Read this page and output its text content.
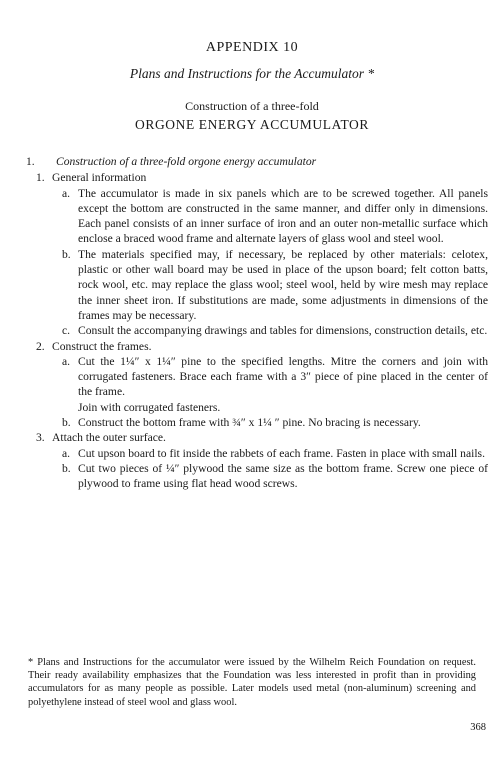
APPENDIX 10
Plans and Instructions for the Accumulator *
Construction of a three-fold
ORGONE ENERGY ACCUMULATOR
1.	Construction of a three-fold orgone energy accumulator
1. General information
a. The accumulator is made in six panels which are to be screwed together. All panels except the bottom are constructed in the same manner, and differ only in dimensions. Each panel consists of an inner surface of iron and an outer non-metallic surface which enclose a braced wood frame and alternate layers of glass wool and steel wool.
b. The materials specified may, if necessary, be replaced by other materials: celotex, plastic or other wall board may be used in place of the upson board; felt cotton batts, rock wool, etc. may replace the glass wool; steel wool, held by wire mesh may replace the inner sheet iron. If substitutions are made, some adjustments in dimensions of the frames may be necessary.
c. Consult the accompanying drawings and tables for dimensions, construction details, etc.
2. Construct the frames.
a. Cut the 1¼″ x 1¼″ pine to the specified lengths. Mitre the corners and join with corrugated fasteners. Brace each frame with a 3″ piece of pine placed in the center of the frame.
Join with corrugated fasteners.
b. Construct the bottom frame with ¾″ x 1¼ ″ pine. No bracing is necessary.
3. Attach the outer surface.
a. Cut upson board to fit inside the rabbets of each frame. Fasten in place with small nails.
b. Cut two pieces of ¼″ plywood the same size as the bottom frame. Screw one piece of plywood to frame using flat head wood screws.
* Plans and Instructions for the accumulator were issued by the Wilhelm Reich Foundation on request. Their ready availability emphasizes that the Foundation was less interested in profit than in providing accumulators for as many people as possible. Later models used metal (non-aluminum) screening and polyethylene instead of steel wool and glass wool.
368
